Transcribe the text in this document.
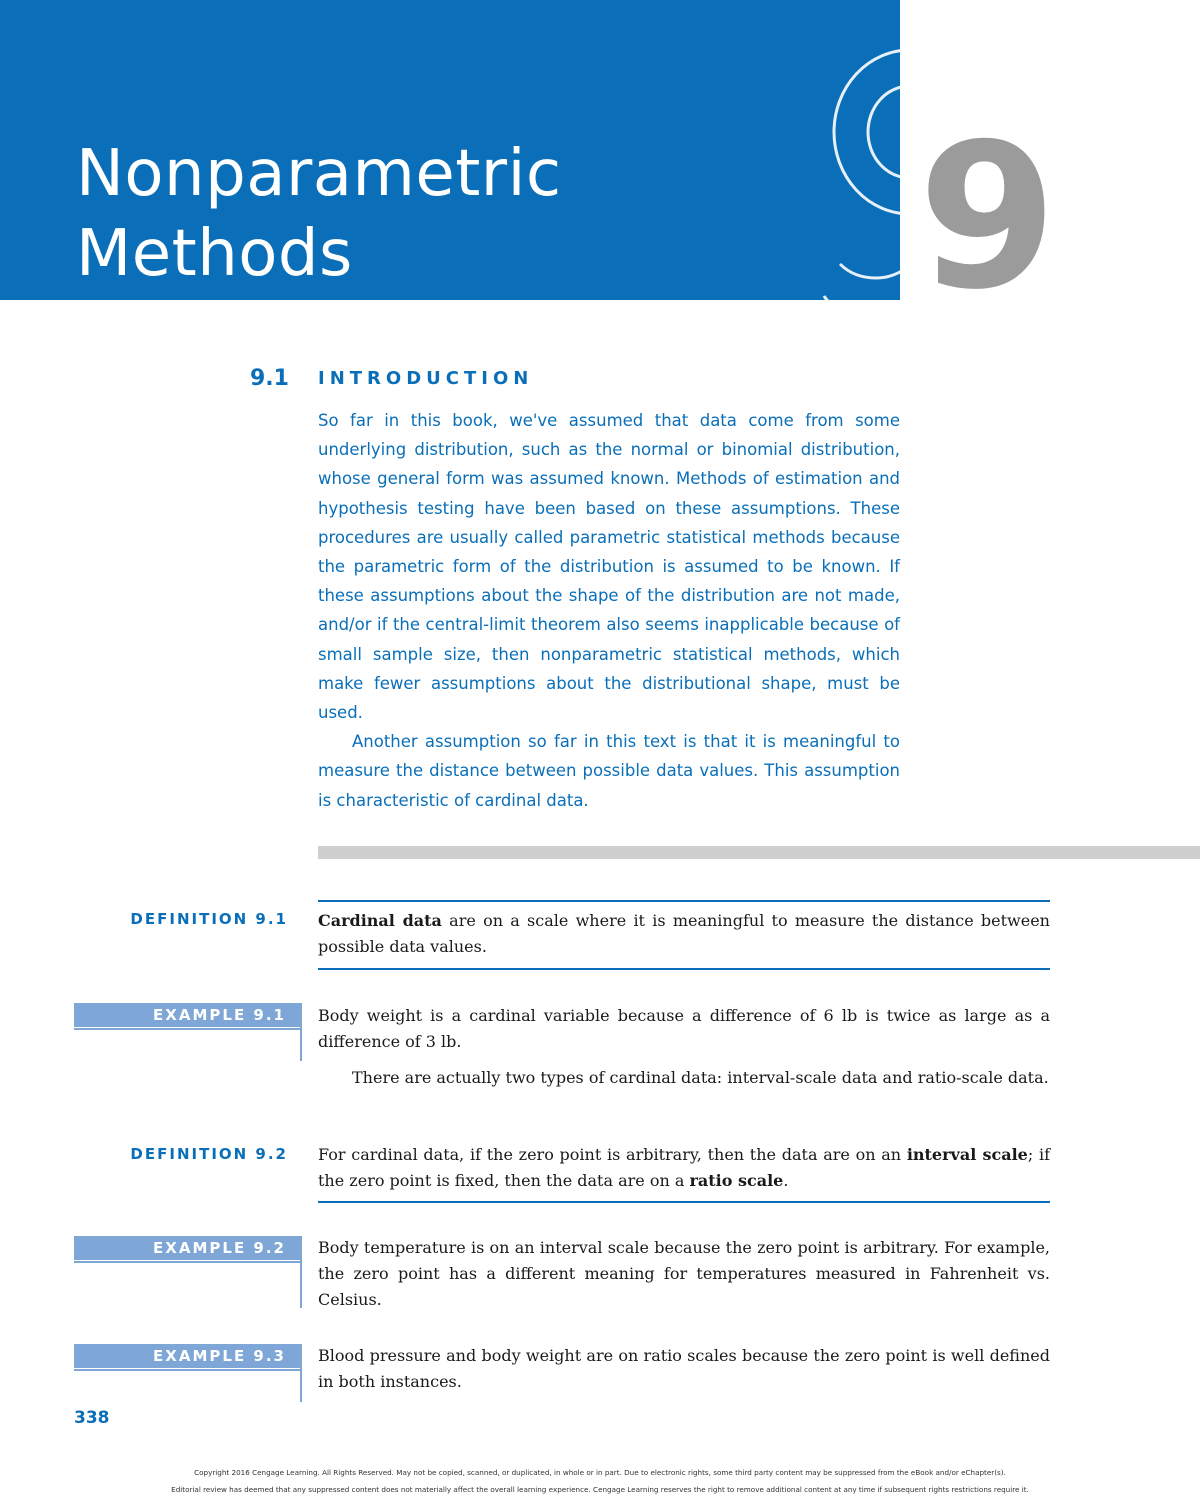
Nonparametric
Methods	9
9.1 INTRODUCTION

So far in this book, we've assumed that data come from some underlying distribution, such as the normal or binomial distribution, whose general form was assumed known. Methods of estimation and hypothesis testing have been based on these assumptions. These procedures are usually called parametric statistical methods because the parametric form of the distribution is assumed to be known. If these assumptions about the shape of the distribution are not made, and/or if the central-limit theorem also seems inapplicable because of small sample size, then nonparametric statistical methods, which make fewer assumptions about the distributional shape, must be used.

Another assumption so far in this text is that it is meaningful to measure the distance between possible data values. This assumption is characteristic of cardinal data.

DEFINITION 9.1 Cardinal data are on a scale where it is meaningful to measure the distance between possible data values.
EXAMPLE 9.1	Body weight is a cardinal variable because a difference of 6 lb is twice as large as a difference of 3 lb.
There are actually two types of cardinal data: interval-scale data and ratio-scale data.
DEFINITION 9.2 For cardinal data, if the zero point is arbitrary, then the data are on an interval scale; if the zero point is fixed, then the data are on a ratio scale.
EXAMPLE 9.2	Body temperature is on an interval scale because the zero point is arbitrary. For example, the zero point has a different meaning for temperatures measured in Fahrenheit vs. Celsius.
EXAMPLE 9.3	Blood pressure and body weight are on ratio scales because the zero point is well defined in both instances.
338
Copyright 2016 Cengage Learning. All Rights Reserved. May not be copied, scanned, or duplicated, in whole or in part. Due to electronic rights, some third party content may be suppressed from the eBook and/or eChapter(s).
Editorial review has deemed that any suppressed content does not materially affect the overall learning experience. Cengage Learning reserves the right to remove additional content at any time if subsequent rights restrictions require it.
